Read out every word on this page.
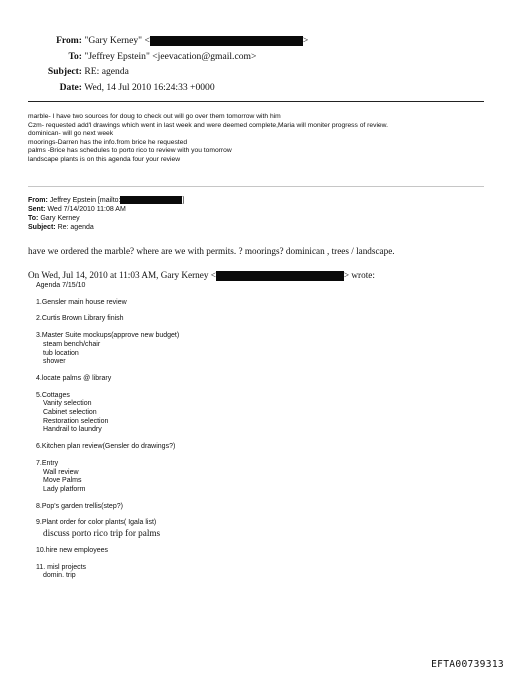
From: "Gary Kerney" <	>
To: "Jeffrey Epstein" <jeevacation@gmail.com>
Subject: RE: agenda
Date: Wed, 14 Jul 2010 16:24:33 +0000
marble- I have two sources for doug to check out will go over them tomorrow with him
Czm- requested add'l drawings which went in last week and were deemed complete,Maria will moniter progress of review.
dominican- will go next week
moorings-Darren has the info.from brice he requested
palms -Brice has schedules to porto rico to review with you tomorrow
landscape plants is on this agenda four your review
From: Jeffrey Epstein [mailto:	]
Sent: Wed 7/14/2010 11:08 AM
To: Gary Kerney
Subject: Re: agenda
have we ordered the marble? where are we with permits. ? moorings? dominican , trees / landscape.
On Wed, Jul 14, 2010 at 11:03 AM, Gary Kerney <	> wrote:
Agenda 7/15/10
1.Gensler main house review
2.Curtis Brown Library finish
3.Master Suite mockups(approve new budget)
steam bench/chair
tub location
shower
4.locate palms @ library
5.Cottages
Vanity selection
Cabinet selection
Restoration selection
Handrail to laundry
6.Kitchen plan review(Gensler do drawings?)
7.Entry
Wall review
Move Palms
Lady platform
8.Pop's garden trellis(step?)
9.Plant order for color plants( Igala list)
discuss porto rico trip for palms
10.hire new employees
11. misl projects
domin. trip
EFTA00739313
